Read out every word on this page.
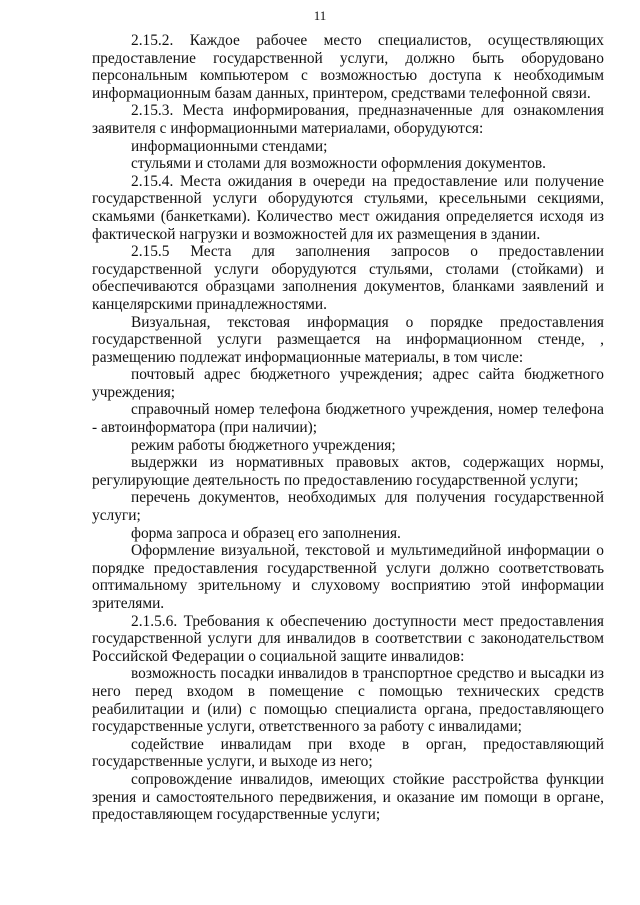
11

2.15.2. Каждое рабочее место специалистов, осуществляющих предоставление государственной услуги, должно быть оборудовано персональным компьютером с возможностью доступа к необходимым информационным базам данных, принтером, средствами телефонной связи.

2.15.3. Места информирования, предназначенные для ознакомления заявителя с информационными материалами, оборудуются:

информационными стендами;

стульями и столами для возможности оформления документов.

2.15.4. Места ожидания в очереди на предоставление или получение государственной услуги оборудуются стульями, кресельными секциями, скамьями (банкетками). Количество мест ожидания определяется исходя из фактической нагрузки и возможностей для их размещения в здании.

2.15.5 Места для заполнения запросов о предоставлении государственной услуги оборудуются стульями, столами (стойками) и обеспечиваются образцами заполнения документов, бланками заявлений и канцелярскими принадлежностями.

Визуальная, текстовая информация о порядке предоставления государственной услуги размещается на информационном стенде, , размещению подлежат информационные материалы, в том числе:

почтовый адрес бюджетного учреждения; адрес сайта бюджетного учреждения;

справочный номер телефона бюджетного учреждения, номер телефона - автоинформатора (при наличии);

режим работы бюджетного учреждения;

выдержки из нормативных правовых актов, содержащих нормы, регулирующие деятельность по предоставлению государственной услуги;

перечень документов, необходимых для получения государственной услуги;

форма запроса и образец его заполнения.

Оформление визуальной, текстовой и мультимедийной информации о порядке предоставления государственной услуги должно соответствовать оптимальному зрительному и слуховому восприятию этой информации зрителями.

2.1.5.6. Требования к обеспечению доступности мест предоставления государственной услуги для инвалидов в соответствии с законодательством Российской Федерации о социальной защите инвалидов:

возможность посадки инвалидов в транспортное средство и высадки из него перед входом в помещение с помощью технических средств реабилитации и (или) с помощью специалиста органа, предоставляющего государственные услуги, ответственного за работу с инвалидами;

содействие инвалидам при входе в орган, предоставляющий государственные услуги, и выходе из него;

сопровождение инвалидов, имеющих стойкие расстройства функции зрения и самостоятельного передвижения, и оказание им помощи в органе, предоставляющем государственные услуги;
